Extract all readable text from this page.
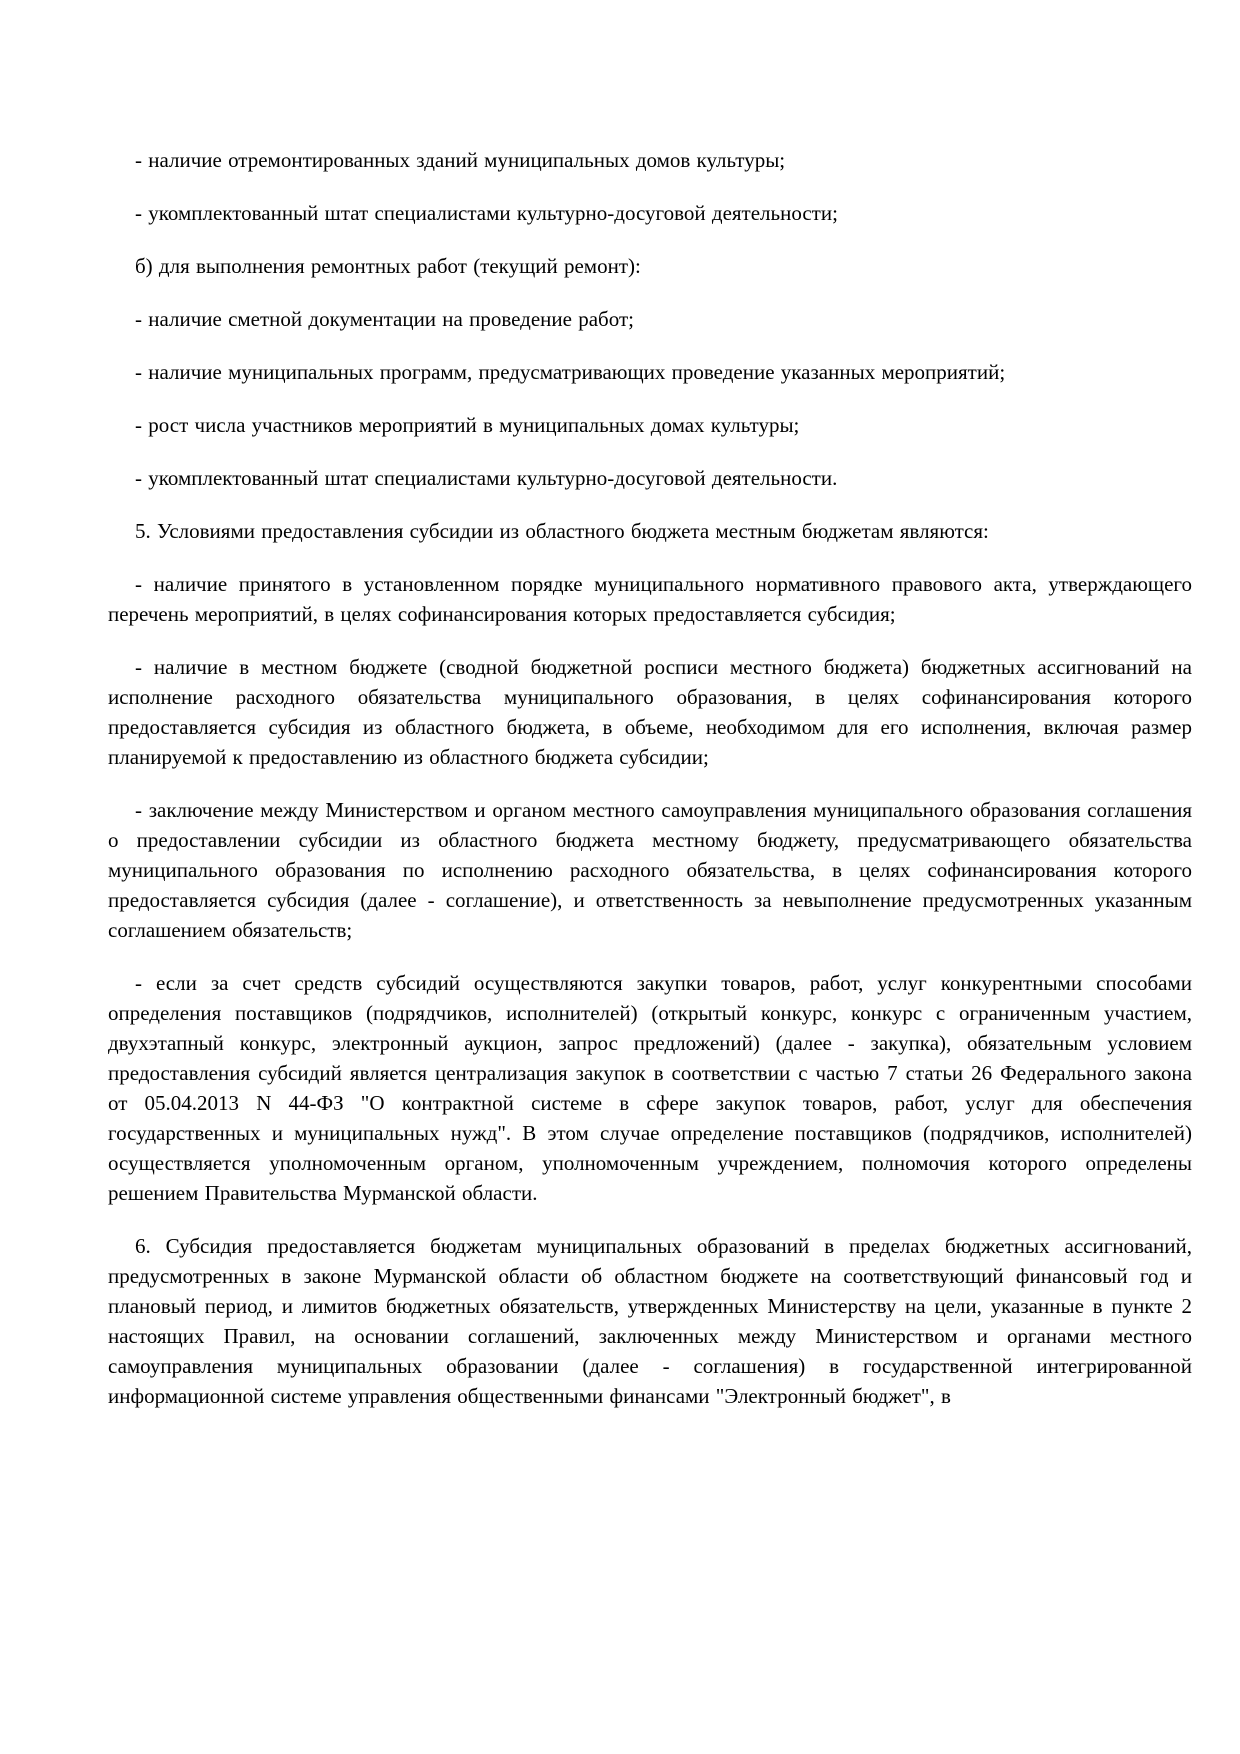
- наличие отремонтированных зданий муниципальных домов культуры;

- укомплектованный штат специалистами культурно-досуговой деятельности;

б) для выполнения ремонтных работ (текущий ремонт):

- наличие сметной документации на проведение работ;

- наличие муниципальных программ, предусматривающих проведение указанных мероприятий;

- рост числа участников мероприятий в муниципальных домах культуры;

- укомплектованный штат специалистами культурно-досуговой деятельности.

5. Условиями предоставления субсидии из областного бюджета местным бюджетам являются:

- наличие принятого в установленном порядке муниципального нормативного правового акта, утверждающего перечень мероприятий, в целях софинансирования которых предоставляется субсидия;

- наличие в местном бюджете (сводной бюджетной росписи местного бюджета) бюджетных ассигнований на исполнение расходного обязательства муниципального образования, в целях софинансирования которого предоставляется субсидия из областного бюджета, в объеме, необходимом для его исполнения, включая размер планируемой к предоставлению из областного бюджета субсидии;

- заключение между Министерством и органом местного самоуправления муниципального образования соглашения о предоставлении субсидии из областного бюджета местному бюджету, предусматривающего обязательства муниципального образования по исполнению расходного обязательства, в целях софинансирования которого предоставляется субсидия (далее - соглашение), и ответственность за невыполнение предусмотренных указанным соглашением обязательств;

- если за счет средств субсидий осуществляются закупки товаров, работ, услуг конкурентными способами определения поставщиков (подрядчиков, исполнителей) (открытый конкурс, конкурс с ограниченным участием, двухэтапный конкурс, электронный аукцион, запрос предложений) (далее - закупка), обязательным условием предоставления субсидий является централизация закупок в соответствии с частью 7 статьи 26 Федерального закона от 05.04.2013 N 44-ФЗ "О контрактной системе в сфере закупок товаров, работ, услуг для обеспечения государственных и муниципальных нужд". В этом случае определение поставщиков (подрядчиков, исполнителей) осуществляется уполномоченным органом, уполномоченным учреждением, полномочия которого определены решением Правительства Мурманской области.

6. Субсидия предоставляется бюджетам муниципальных образований в пределах бюджетных ассигнований, предусмотренных в законе Мурманской области об областном бюджете на соответствующий финансовый год и плановый период, и лимитов бюджетных обязательств, утвержденных Министерству на цели, указанные в пункте 2 настоящих Правил, на основании соглашений, заключенных между Министерством и органами местного самоуправления муниципальных образовании (далее - соглашения) в государственной интегрированной информационной системе управления общественными финансами "Электронный бюджет", в
